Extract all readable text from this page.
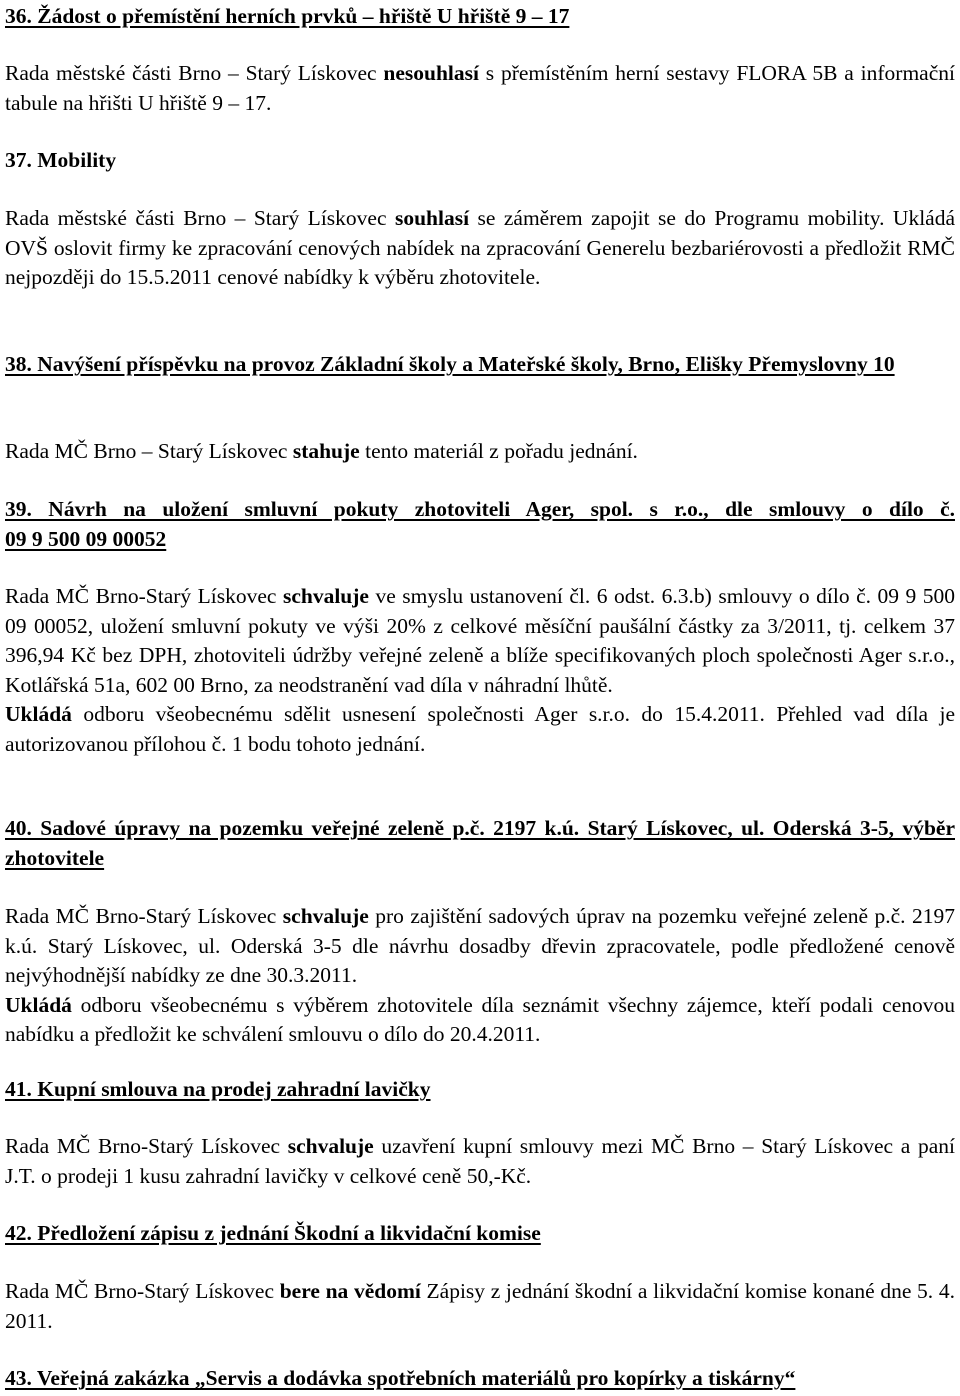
36. Žádost o přemístění herních prvků – hřiště U hřiště 9 – 17

Rada městské části Brno – Starý Lískovec nesouhlasí s přemístěním herní sestavy FLORA 5B a informační tabule na hřišti U hřiště 9 – 17.

37. Mobility

Rada městské části Brno – Starý Lískovec souhlasí se záměrem zapojit se do Programu mobility. Ukládá OVŠ oslovit firmy ke zpracování cenových nabídek na zpracování Generelu bezbariérovosti a předložit RMČ nejpozději do 15.5.2011 cenové nabídky k výběru zhotovitele.

38. Navýšení příspěvku na provoz Základní školy a Mateřské školy, Brno, Elišky Přemyslovny 10

Rada MČ Brno – Starý Lískovec stahuje tento materiál z pořadu jednání.

39. Návrh na uložení smluvní pokuty zhotoviteli Ager, spol. s r.o., dle smlouvy o dílo č.

09 9 500 09 00052

Rada MČ Brno-Starý Lískovec schvaluje ve smyslu ustanovení čl. 6 odst. 6.3.b) smlouvy o dílo č. 09 9 500 09 00052, uložení smluvní pokuty ve výši 20% z celkové měsíční paušální částky za 3/2011, tj. celkem 37 396,94 Kč bez DPH, zhotoviteli údržby veřejné zeleně a blíže specifikovaných ploch společnosti Ager s.r.o., Kotlářská 51a, 602 00 Brno, za neodstranění vad díla v náhradní lhůtě.

Ukládá odboru všeobecnému sdělit usnesení společnosti Ager s.r.o. do 15.4.2011. Přehled vad díla je autorizovanou přílohou č. 1 bodu tohoto jednání.

40. Sadové úpravy na pozemku veřejné zeleně p.č. 2197 k.ú. Starý Lískovec, ul. Oderská 3-5, výběr zhotovitele

Rada MČ Brno-Starý Lískovec schvaluje pro zajištění sadových úprav na pozemku veřejné zeleně p.č. 2197 k.ú. Starý Lískovec, ul. Oderská 3-5 dle návrhu dosadby dřevin zpracovatele, podle předložené cenově nejvýhodnější nabídky ze dne 30.3.2011.

Ukládá odboru všeobecnému s výběrem zhotovitele díla seznámit všechny zájemce, kteří podali cenovou nabídku a předložit ke schválení smlouvu o dílo do 20.4.2011.

41. Kupní smlouva na prodej zahradní lavičky

Rada MČ Brno-Starý Lískovec schvaluje uzavření kupní smlouvy mezi MČ Brno – Starý Lískovec a paní J.T. o prodeji 1 kusu zahradní lavičky v celkové ceně 50,-Kč.

42. Předložení zápisu z jednání Škodní a likvidační komise

Rada MČ Brno-Starý Lískovec bere na vědomí Zápisy z jednání škodní a likvidační komise konané dne 5. 4. 2011.

43. Veřejná zakázka „Servis a dodávka spotřebních materiálů pro kopírky a tiskárny“
